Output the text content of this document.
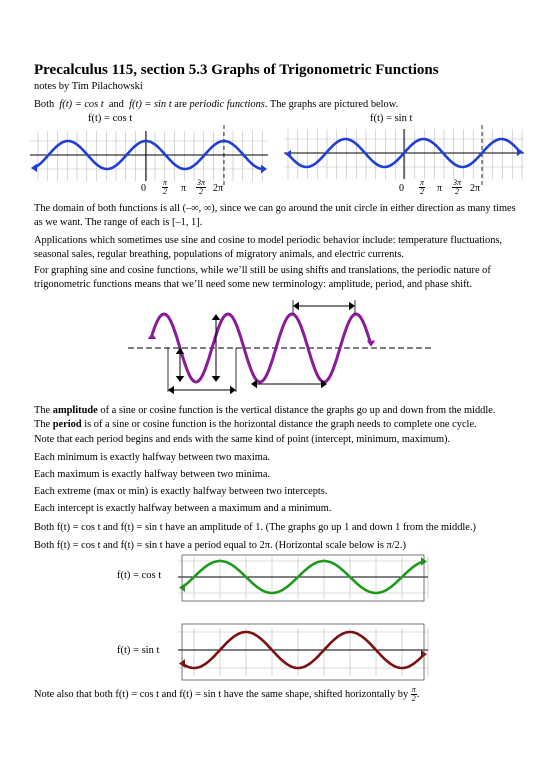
Precalculus 115, section 5.3 Graphs of Trigonometric Functions
notes by Tim Pilachowski
Both f(t) = cos t and f(t) = sin t are periodic functions. The graphs are pictured below.
f(t) = cos t	f(t) = sin t
$0 \frac{\pi}{2}$ π $\frac{3\pi}{2} 2\pi$	$0 \frac{\pi}{2}$ π $\frac{3\pi}{2} 2\pi$
The domain of both functions is all (–∞, ∞), since we can go around the unit circle in either direction as many times as we want. The range of each is [–1, 1].
Applications which sometimes use sine and cosine to model periodic behavior include: temperature fluctuations, seasonal sales, regular breathing, populations of migratory animals, and electric currents.
For graphing sine and cosine functions, while we’ll still be using shifts and translations, the periodic nature of trigonometric functions means that we’ll need some new terminology: amplitude, period, and phase shift.
The amplitude of a sine or cosine function is the vertical distance the graphs go up and down from the middle.
The period is of a sine or cosine function is the horizontal distance the graph needs to complete one cycle.
Note that each period begins and ends with the same kind of point (intercept, minimum, maximum).
Each minimum is exactly halfway between two maxima.
Each maximum is exactly halfway between two minima.
Each extreme (max or min) is exactly halfway between two intercepts.
Each intercept is exactly halfway between a maximum and a minimum.
Both f(t) = cos t and f(t) = sin t have an amplitude of 1. (The graphs go up 1 and down 1 from the middle.)
Both f(t) = cos t and f(t) = sin t have a period equal to 2π. (Horizontal scale below is π/2.)
f(t) = cos t
f(t) = sin t
Note also that both f(t) = cos t and f(t) = sin t have the same shape, shifted horizontally by $\frac{\pi}{2}$ .
